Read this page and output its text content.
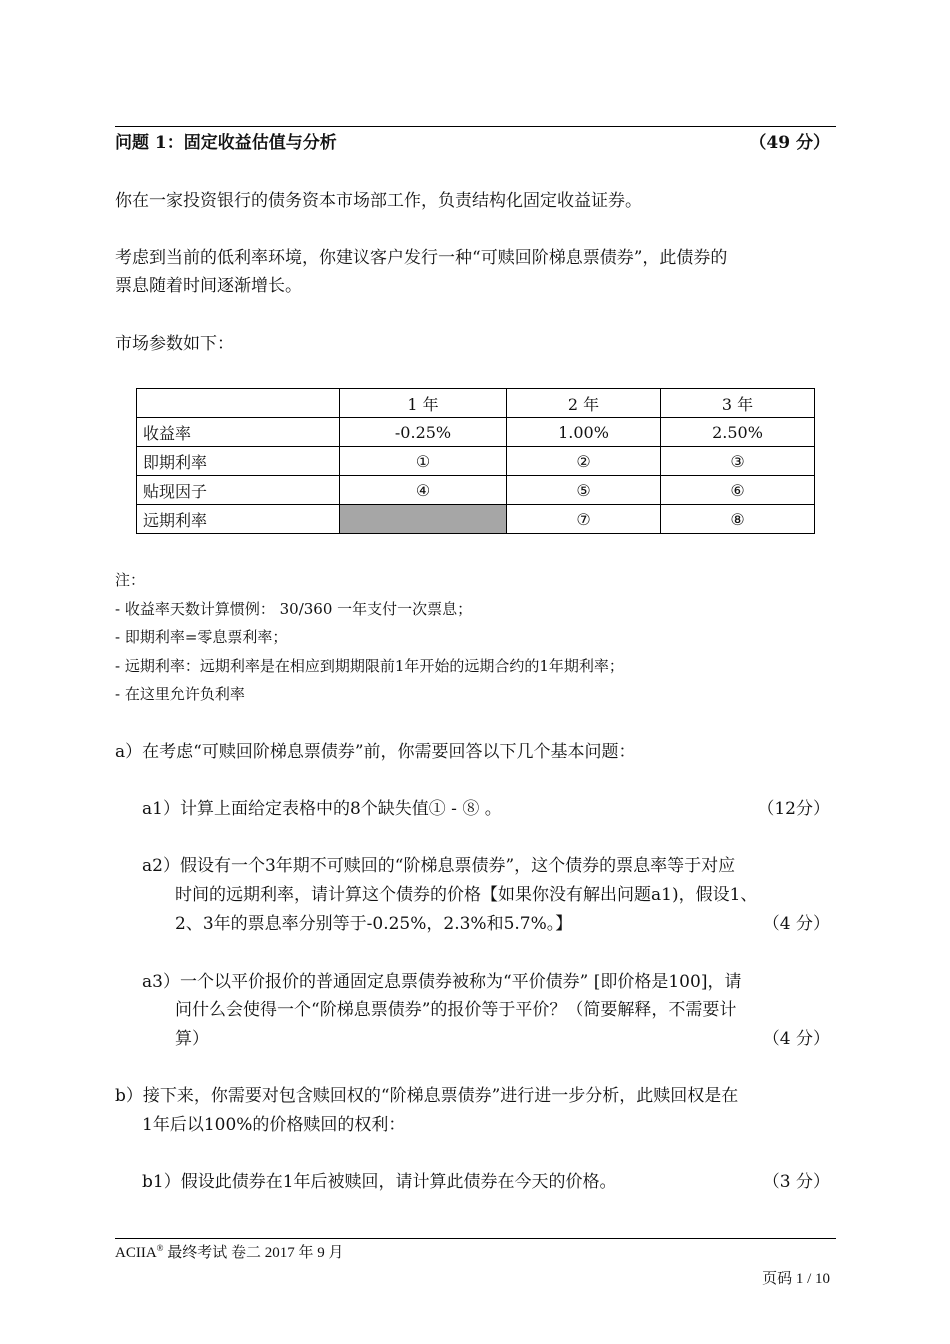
问题 1：固定收益估值与分析	（49 分）
你在一家投资银行的债务资本市场部工作，负责结构化固定收益证券。
考虑到当前的低利率环境，你建议客户发行一种“可赎回阶梯息票债券”，此债券的
票息随着时间逐渐增长。
市场参数如下：
	1 年	2 年	3 年
收益率	-0.25%	1.00%	2.50%
即期利率	①	②	③
贴现因子	④	⑤	⑥
远期利率		⑦	⑧
注：
- 收益率天数计算惯例： 30/360 一年支付一次票息；
- 即期利率=零息票利率；
- 远期利率：远期利率是在相应到期期限前1年开始的远期合约的1年期利率；
- 在这里允许负利率
a）在考虑“可赎回阶梯息票债券”前，你需要回答以下几个基本问题：
a1）计算上面给定表格中的8个缺失值① - ⑧ 。	（12分）
a2）假设有一个3年期不可赎回的“阶梯息票债券”，这个债券的票息率等于对应
时间的远期利率，请计算这个债券的价格【如果你没有解出问题a1)，假设1、
2、3年的票息率分别等于-0.25%，2.3%和5.7%。】	（4 分）
a3）一个以平价报价的普通固定息票债券被称为“平价债券” [即价格是100]，请
问什么会使得一个“阶梯息票债券”的报价等于平价？（简要解释，不需要计
算）	（4 分）
b）接下来，你需要对包含赎回权的“阶梯息票债券”进行进一步分析，此赎回权是在
1年后以100%的价格赎回的权利：
b1）假设此债券在1年后被赎回，请计算此债券在今天的价格。	（3 分）
ACIIA® 最终考试 卷二 2017 年 9 月
页码 1 / 10
